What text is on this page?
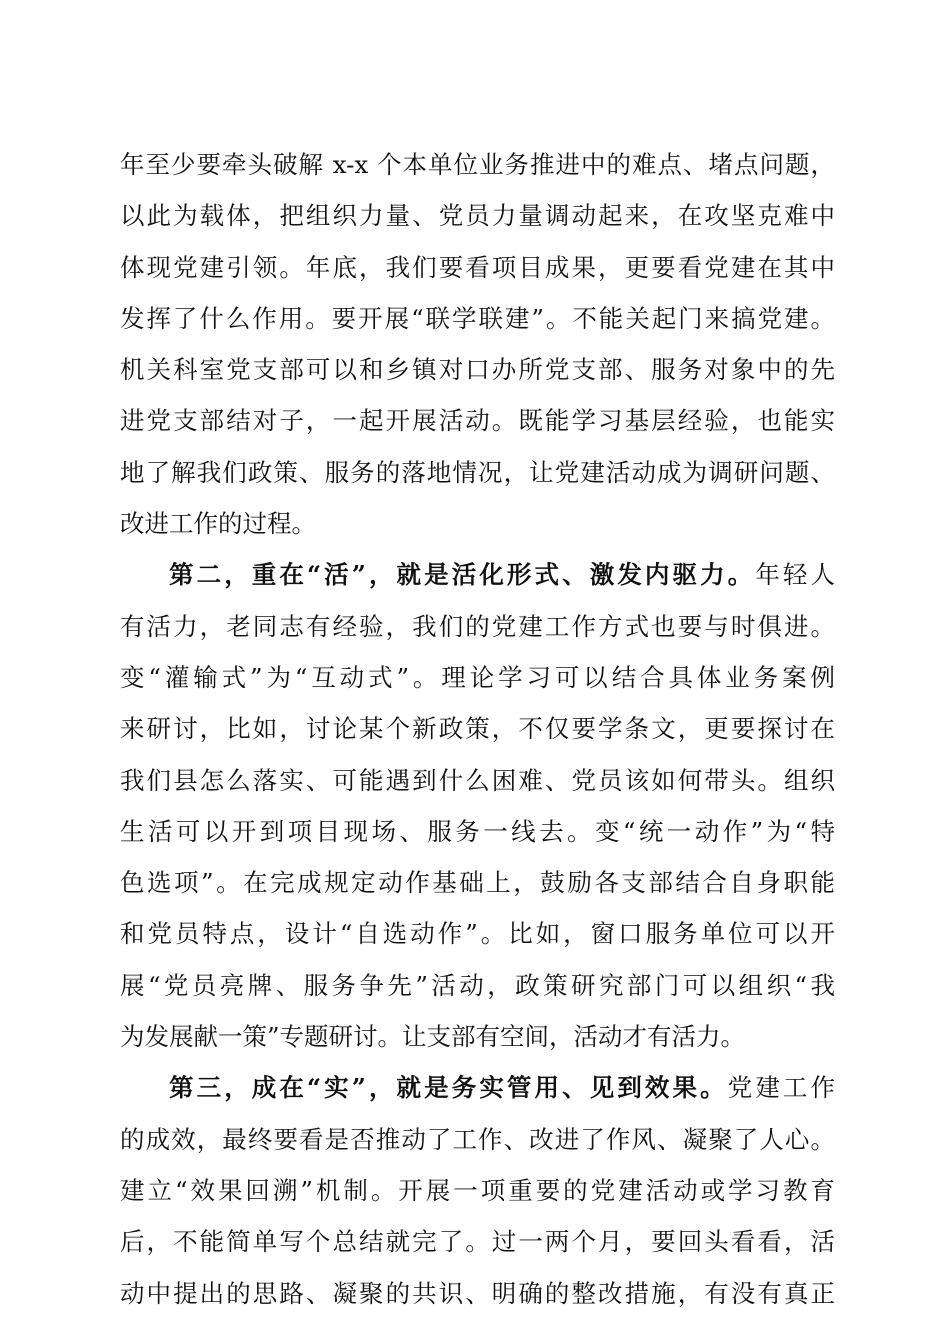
年至少要牵头破解 x-x 个本单位业务推进中的难点、堵点问题，
以此为载体，把组织力量、党员力量调动起来，在攻坚克难中
体现党建引领。年底，我们要看项目成果，更要看党建在其中
发挥了什么作用。要开展“联学联建”。不能关起门来搞党建。
机关科室党支部可以和乡镇对口办所党支部、服务对象中的先
进党支部结对子，一起开展活动。既能学习基层经验，也能实
地了解我们政策、服务的落地情况，让党建活动成为调研问题、
改进工作的过程。
第二，重在“活”，就是活化形式、激发内驱力。年轻人
有活力，老同志有经验，我们的党建工作方式也要与时俱进。
变“灌输式”为“互动式”。理论学习可以结合具体业务案例
来研讨，比如，讨论某个新政策，不仅要学条文，更要探讨在
我们县怎么落实、可能遇到什么困难、党员该如何带头。组织
生活可以开到项目现场、服务一线去。变“统一动作”为“特
色选项”。在完成规定动作基础上，鼓励各支部结合自身职能
和党员特点，设计“自选动作”。比如，窗口服务单位可以开
展“党员亮牌、服务争先”活动，政策研究部门可以组织“我
为发展献一策”专题研讨。让支部有空间，活动才有活力。
第三，成在“实”，就是务实管用、见到效果。党建工作
的成效，最终要看是否推动了工作、改进了作风、凝聚了人心。
建立“效果回溯”机制。开展一项重要的党建活动或学习教育
后，不能简单写个总结就完了。过一两个月，要回头看看，活
动中提出的思路、凝聚的共识、明确的整改措施，有没有真正
